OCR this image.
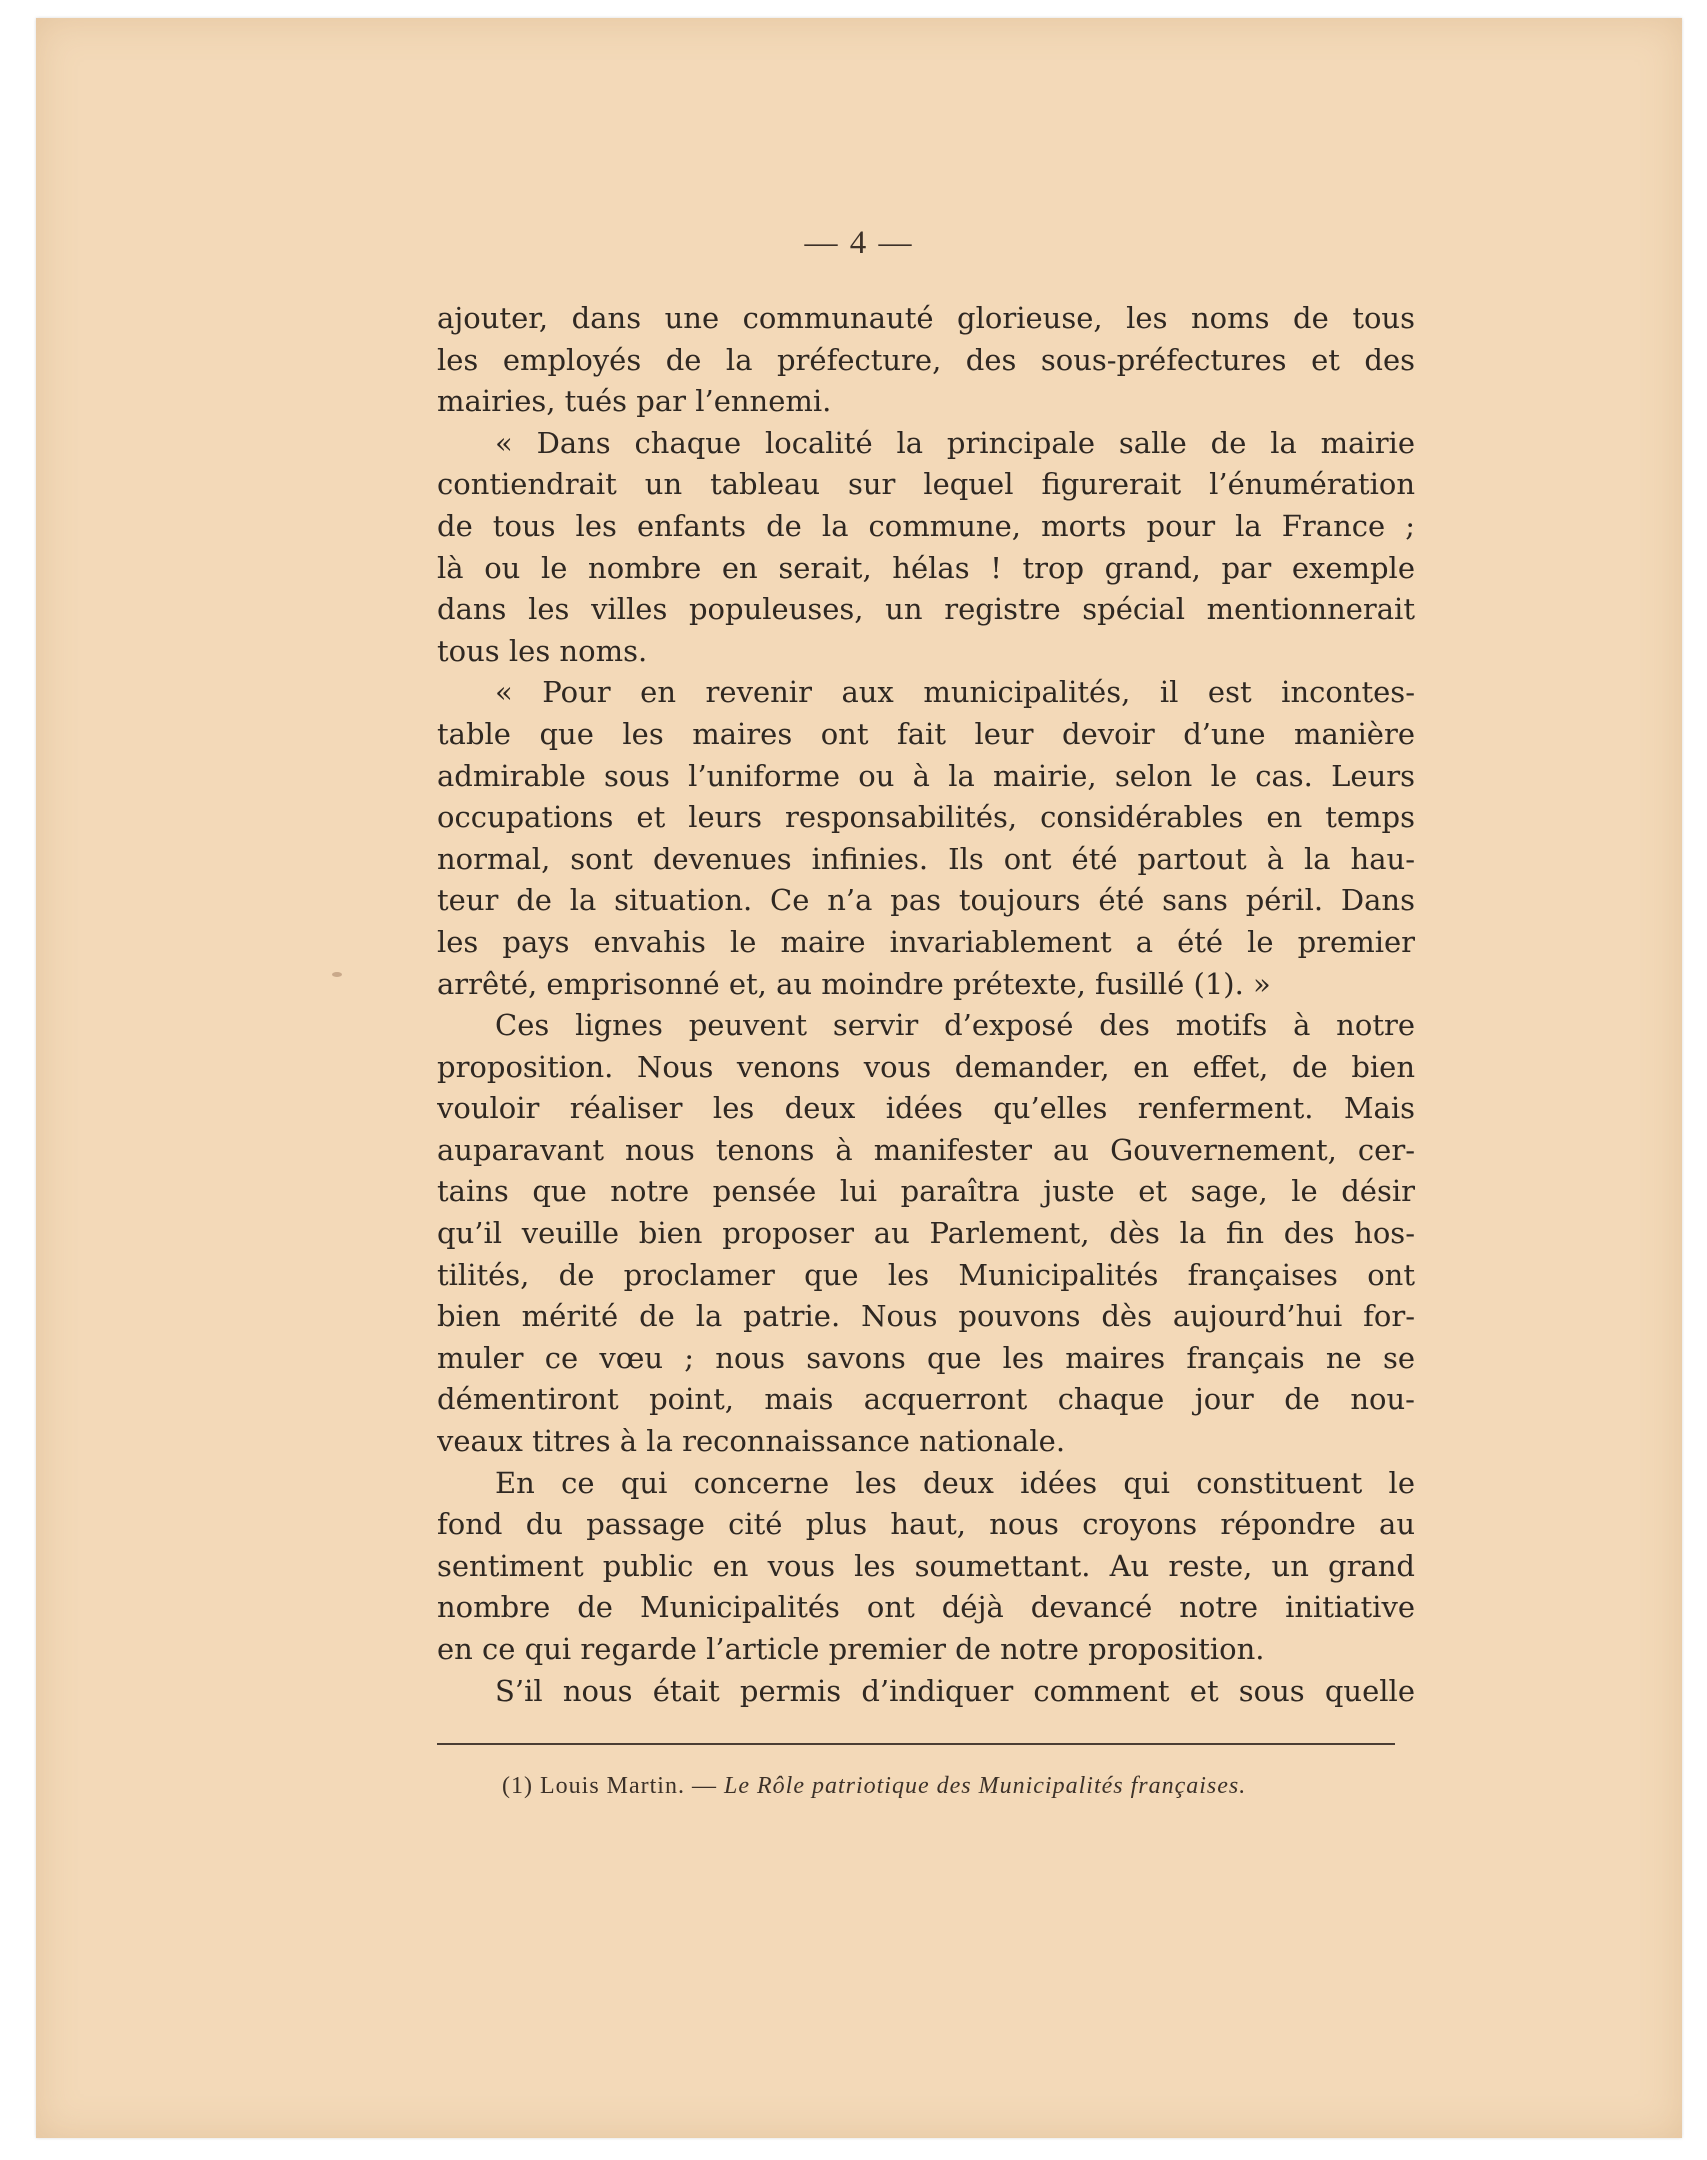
— 4 —
ajouter, dans une communauté glorieuse, les noms de tous
les employés de la préfecture, des sous-préfectures et des
mairies, tués par l’ennemi.
« Dans chaque localité la principale salle de la mairie
contiendrait un tableau sur lequel figurerait l’énumération
de tous les enfants de la commune, morts pour la France ;
là ou le nombre en serait, hélas ! trop grand, par exemple
dans les villes populeuses, un registre spécial mentionnerait
tous les noms.
« Pour en revenir aux municipalités, il est incontes-
table que les maires ont fait leur devoir d’une manière
admirable sous l’uniforme ou à la mairie, selon le cas. Leurs
occupations et leurs responsabilités, considérables en temps
normal, sont devenues infinies. Ils ont été partout à la hau-
teur de la situation. Ce n’a pas toujours été sans péril. Dans
les pays envahis le maire invariablement a été le premier
arrêté, emprisonné et, au moindre prétexte, fusillé (1). »
Ces lignes peuvent servir d’exposé des motifs à notre
proposition. Nous venons vous demander, en effet, de bien
vouloir réaliser les deux idées qu’elles renferment. Mais
auparavant nous tenons à manifester au Gouvernement, cer-
tains que notre pensée lui paraîtra juste et sage, le désir
qu’il veuille bien proposer au Parlement, dès la fin des hos-
tilités, de proclamer que les Municipalités françaises ont
bien mérité de la patrie. Nous pouvons dès aujourd’hui for-
muler ce vœu ; nous savons que les maires français ne se
démentiront point, mais acquerront chaque jour de nou-
veaux titres à la reconnaissance nationale.
En ce qui concerne les deux idées qui constituent le
fond du passage cité plus haut, nous croyons répondre au
sentiment public en vous les soumettant. Au reste, un grand
nombre de Municipalités ont déjà devancé notre initiative
en ce qui regarde l’article premier de notre proposition.
S’il nous était permis d’indiquer comment et sous quelle
(1) Louis Martin. — Le Rôle patriotique des Municipalités françaises.
